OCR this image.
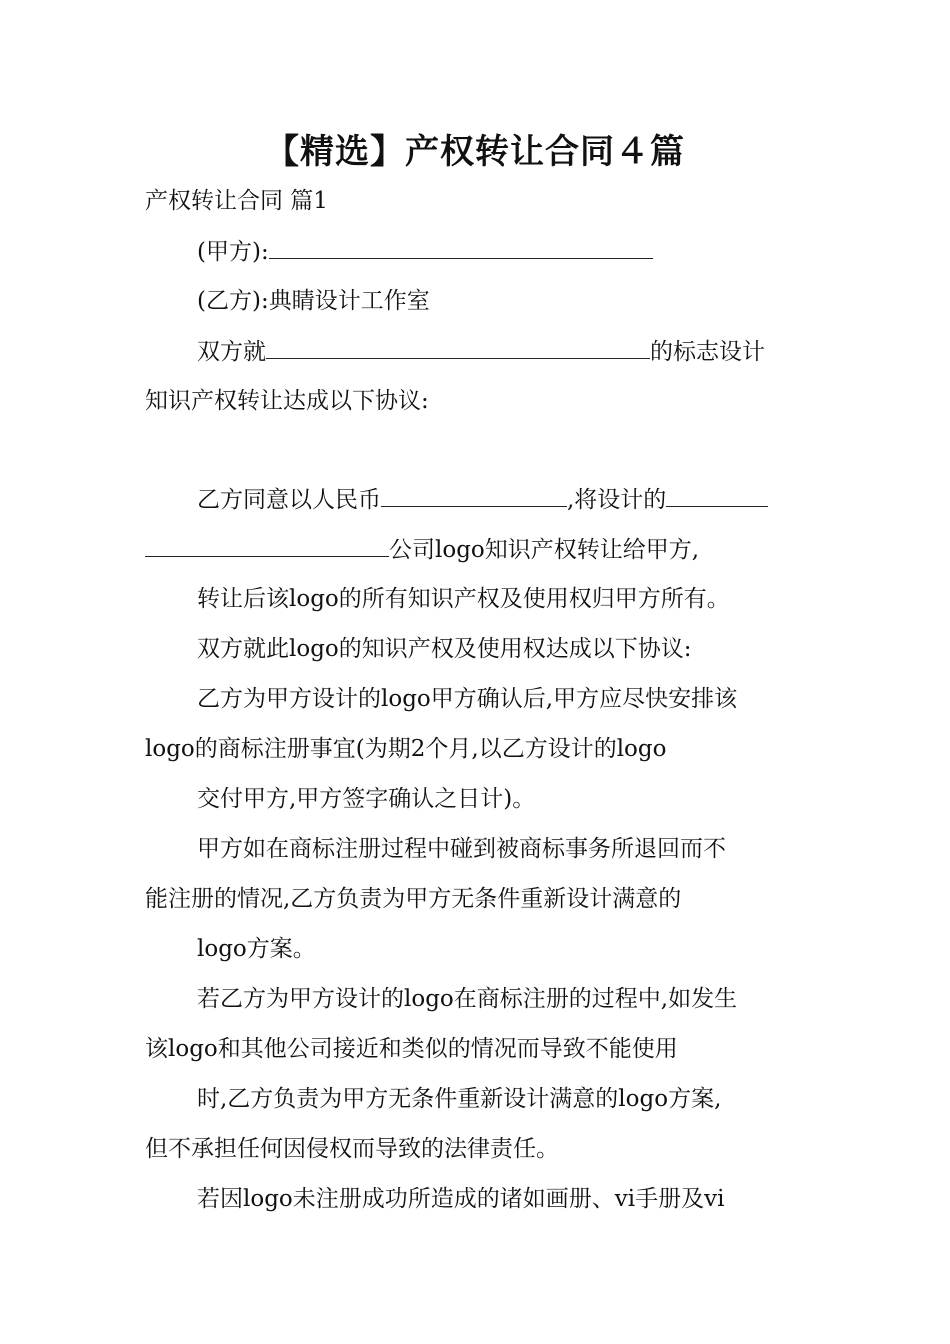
【精选】产权转让合同４篇
产权转让合同 篇1
(甲方):
(乙方):典睛设计工作室
双方就	的标志设计
知识产权转让达成以下协议:
乙方同意以人民币	,将设计的
公司logo知识产权转让给甲方,
转让后该logo的所有知识产权及使用权归甲方所有。
双方就此logo的知识产权及使用权达成以下协议:
乙方为甲方设计的logo甲方确认后,甲方应尽快安排该
logo的商标注册事宜(为期2个月,以乙方设计的logo
交付甲方,甲方签字确认之日计)。
甲方如在商标注册过程中碰到被商标事务所退回而不
能注册的情况,乙方负责为甲方无条件重新设计满意的
logo方案。
若乙方为甲方设计的logo在商标注册的过程中,如发生
该logo和其他公司接近和类似的情况而导致不能使用
时,乙方负责为甲方无条件重新设计满意的logo方案,
但不承担任何因侵权而导致的法律责任。
若因logo未注册成功所造成的诸如画册、vi手册及vi
